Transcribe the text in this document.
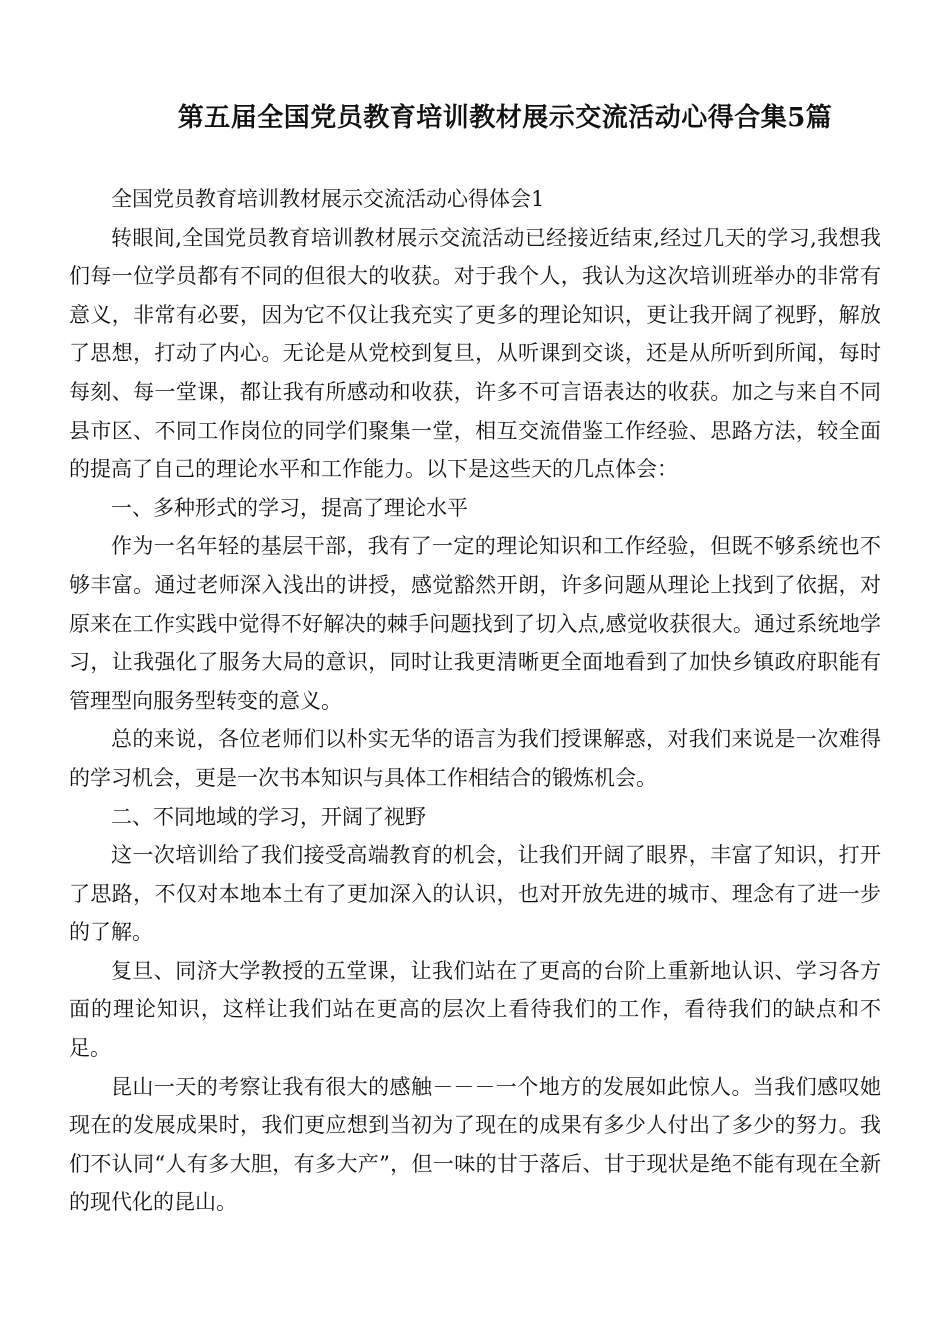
第五届全国党员教育培训教材展示交流活动心得合集5篇

全国党员教育培训教材展示交流活动心得体会1

转眼间,全国党员教育培训教材展示交流活动已经接近结束,经过几天的学习,我想我们每一位学员都有不同的但很大的收获。对于我个人，我认为这次培训班举办的非常有意义，非常有必要，因为它不仅让我充实了更多的理论知识，更让我开阔了视野，解放了思想，打动了内心。无论是从党校到复旦，从听课到交谈，还是从所听到所闻，每时每刻、每一堂课，都让我有所感动和收获，许多不可言语表达的收获。加之与来自不同县市区、不同工作岗位的同学们聚集一堂，相互交流借鉴工作经验、思路方法，较全面的提高了自己的理论水平和工作能力。以下是这些天的几点体会：

一、多种形式的学习，提高了理论水平

作为一名年轻的基层干部，我有了一定的理论知识和工作经验，但既不够系统也不够丰富。通过老师深入浅出的讲授，感觉豁然开朗，许多问题从理论上找到了依据，对原来在工作实践中觉得不好解决的棘手问题找到了切入点,感觉收获很大。通过系统地学习，让我强化了服务大局的意识，同时让我更清晰更全面地看到了加快乡镇政府职能有管理型向服务型转变的意义。

总的来说，各位老师们以朴实无华的语言为我们授课解惑，对我们来说是一次难得的学习机会，更是一次书本知识与具体工作相结合的锻炼机会。

二、不同地域的学习，开阔了视野

这一次培训给了我们接受高端教育的机会，让我们开阔了眼界，丰富了知识，打开了思路，不仅对本地本土有了更加深入的认识，也对开放先进的城市、理念有了进一步的了解。

复旦、同济大学教授的五堂课，让我们站在了更高的台阶上重新地认识、学习各方面的理论知识，这样让我们站在更高的层次上看待我们的工作，看待我们的缺点和不足。

昆山一天的考察让我有很大的感触－－－一个地方的发展如此惊人。当我们感叹她现在的发展成果时，我们更应想到当初为了现在的成果有多少人付出了多少的努力。我们不认同“人有多大胆，有多大产”，但一味的甘于落后、甘于现状是绝不能有现在全新的现代化的昆山。
